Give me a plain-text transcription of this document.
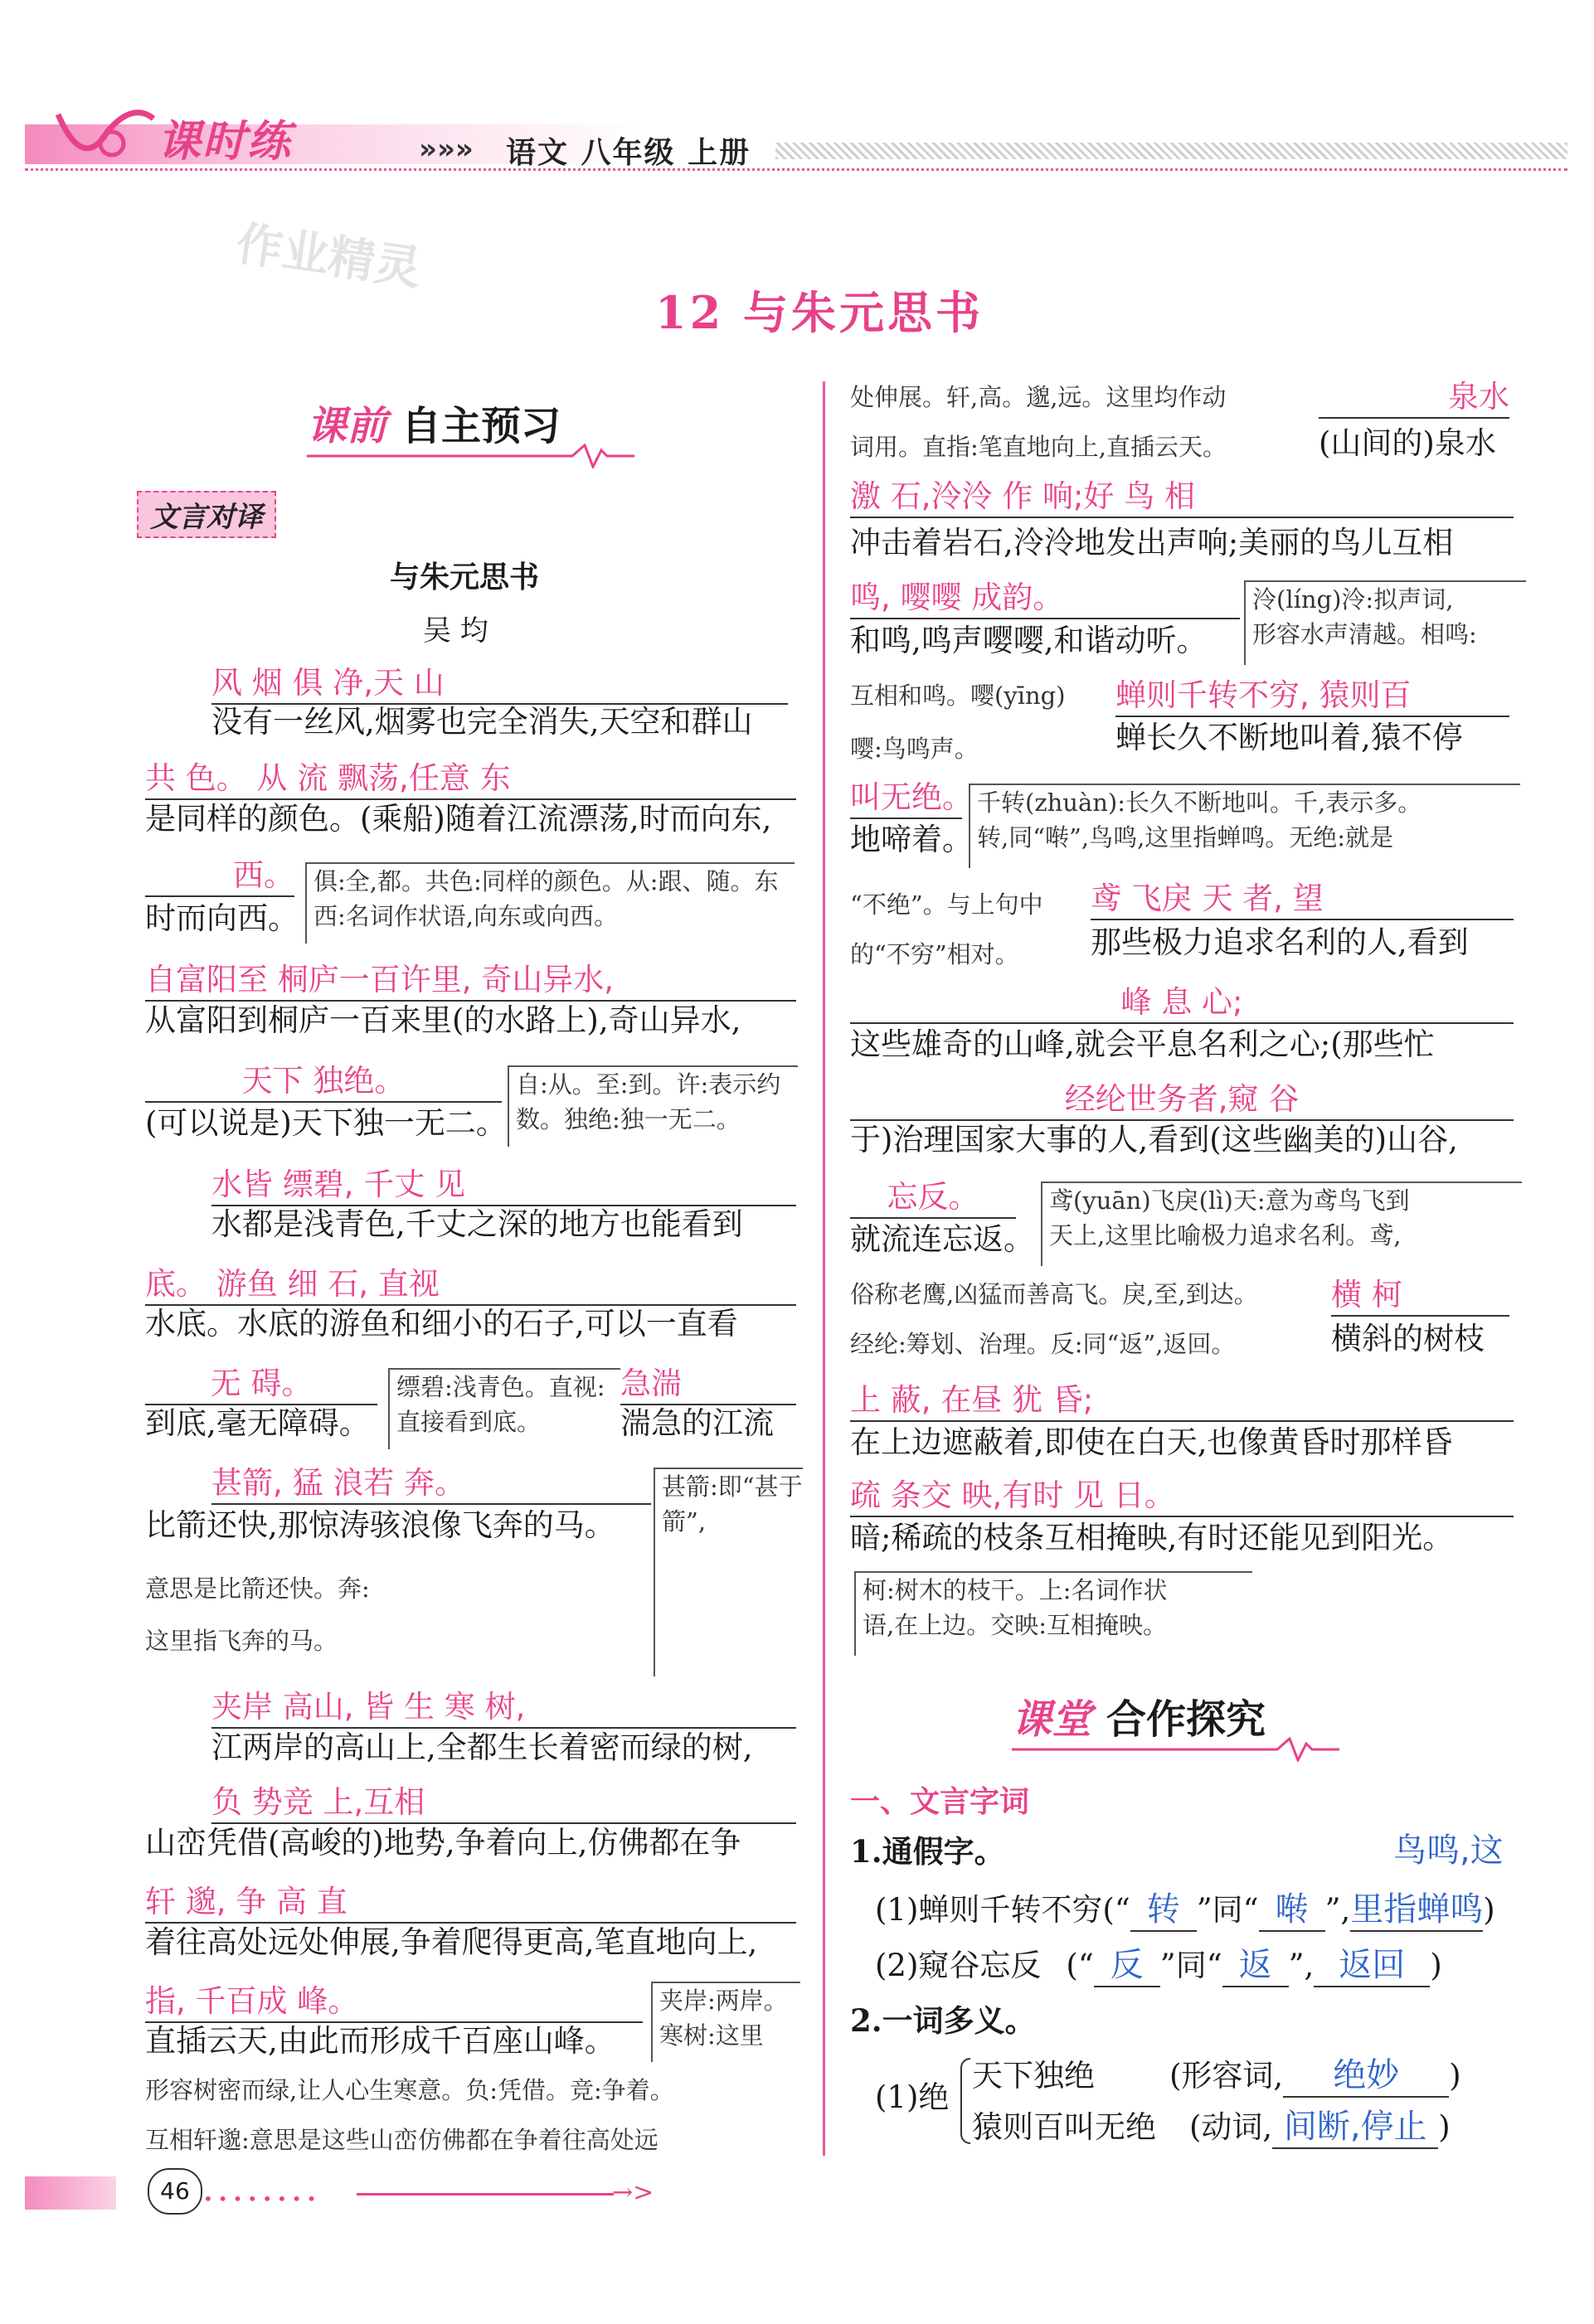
课时练	»»» 语文 八年级 上册
作业精灵
12 与朱元思书
课前 自主预习
文言对译
与朱元思书
吴 均
风 烟 俱 净,天 山
没有一丝风,烟雾也完全消失,天空和群山
共 色。 从 流 飘荡,任意 东
是同样的颜色。(乘船)随着江流漂荡,时而向东,
西。
时而向西。
俱:全,都。共色:同样的颜色。从:跟、随。东西:名词作状语,向东或向西。
自富阳至 桐庐一百许里, 奇山异水,
从富阳到桐庐一百来里(的水路上),奇山异水,
天下 独绝。
(可以说是)天下独一无二。
自:从。至:到。许:表示约数。独绝:独一无二。
水皆 缥碧, 千丈 见
水都是浅青色,千丈之深的地方也能看到
底。 游鱼 细 石, 直视
水底。水底的游鱼和细小的石子,可以一直看
无 碍。
到底,毫无障碍。
缥碧:浅青色。直视:直接看到底。
急湍
湍急的江流
甚箭, 猛 浪若 奔。
比箭还快,那惊涛骇浪像飞奔的马。
甚箭:即“甚于箭”,
意思是比箭还快。奔:
这里指飞奔的马。
夹岸 高山, 皆 生 寒 树,
江两岸的高山上,全都生长着密而绿的树,
负 势竞 上,互相
山峦凭借(高峻的)地势,争着向上,仿佛都在争
轩 邈, 争 高 直
着往高处远处伸展,争着爬得更高,笔直地向上,
指, 千百成 峰。
直插云天,由此而形成千百座山峰。
夹岸:两岸。
寒树:这里
形容树密而绿,让人心生寒意。负:凭借。竞:争着。
互相轩邈:意思是这些山峦仿佛都在争着往高处远
处伸展。轩,高。邈,远。这里均作动	泉水
词用。直指:笔直地向上,直插云天。	(山间的)泉水
激 石,泠泠 作 响;好 鸟 相
冲击着岩石,泠泠地发出声响;美丽的鸟儿互相
鸣, 嘤嘤 成韵。
和鸣,鸣声嘤嘤,和谐动听。
泠(líng)泠:拟声词,
形容水声清越。相鸣:
互相和鸣。嘤(yīng)
嘤:鸟鸣声。
蝉则千转不穷, 猿则百
蝉长久不断地叫着,猿不停
叫无绝。
地啼着。
千转(zhuàn):长久不断地叫。千,表示多。
转,同“啭”,鸟鸣,这里指蝉鸣。无绝:就是
“不绝”。与上句中
的“不穷”相对。
鸢 飞戾 天 者, 望
那些极力追求名利的人,看到
峰 息 心;
这些雄奇的山峰,就会平息名利之心;(那些忙
经纶世务者,窥 谷
于)治理国家大事的人,看到(这些幽美的)山谷,
忘反。
就流连忘返。
鸢(yuān)飞戾(lì)天:意为鸢鸟飞到
天上,这里比喻极力追求名利。鸢,
俗称老鹰,凶猛而善高飞。戾,至,到达。
经纶:筹划、治理。反:同“返”,返回。
横 柯
横斜的树枝
上 蔽, 在昼 犹 昏;
在上边遮蔽着,即使在白天,也像黄昏时那样昏
疏 条交 映,有时 见 日。
暗;稀疏的枝条互相掩映,有时还能见到阳光。
柯:树木的枝干。上:名词作状
语,在上边。交映:互相掩映。
课堂 合作探究
一、文言字词
1.通假字。	鸟鸣,这
(1)蝉则千转不穷(“ 转 ”同“ 啭 ”,里指蝉鸣)
(2)窥谷忘反 (“ 反 ”同“ 返 ”, 返回 )
2.一词多义。
(1)绝
天下独绝 (形容词, 绝妙 )
猿则百叫无绝 (动词, 间断,停止 )
46 ••••••••	→>
